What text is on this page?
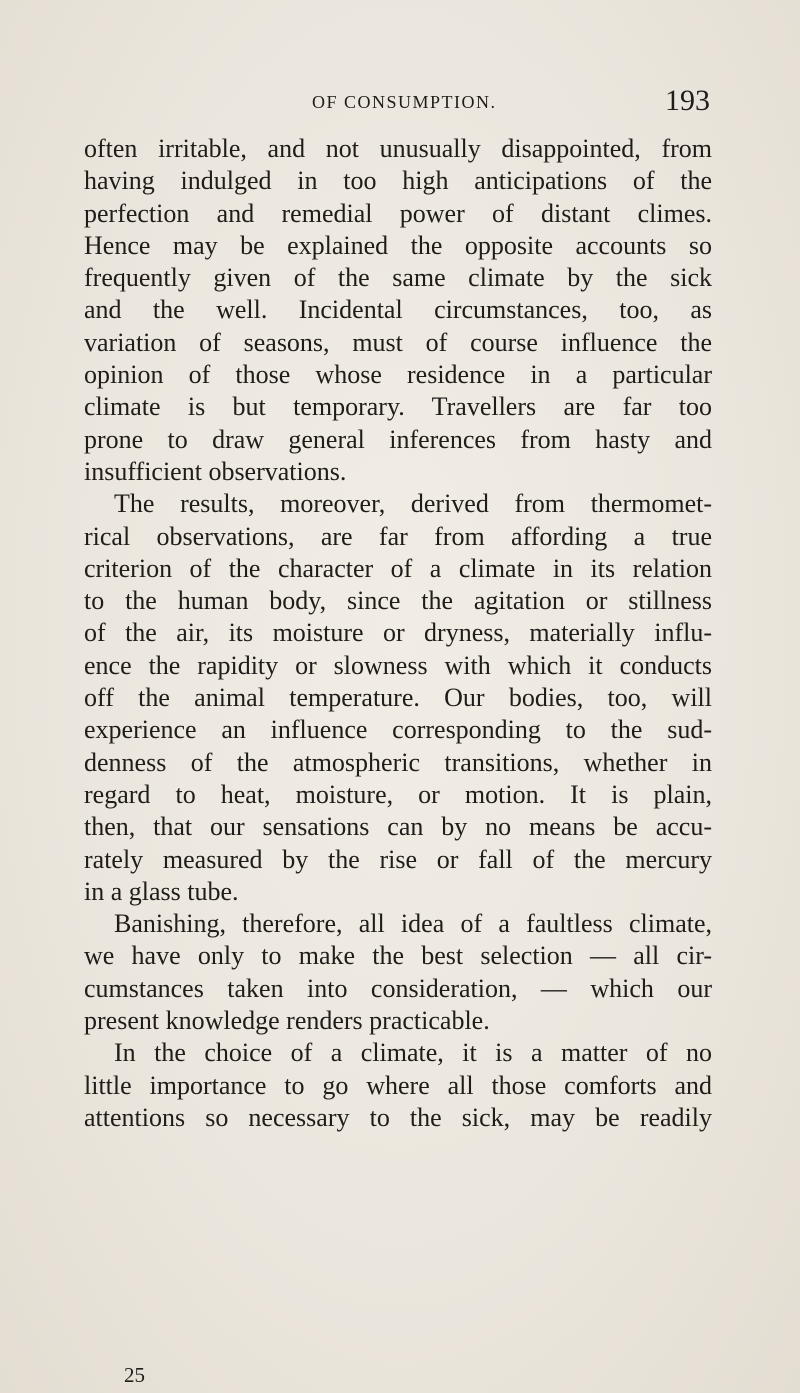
OF CONSUMPTION.	193
often irritable, and not unusually disappointed, from
having indulged in too high anticipations of the
perfection and remedial power of distant climes.
Hence may be explained the opposite accounts so
frequently given of the same climate by the sick
and the well. Incidental circumstances, too, as
variation of seasons, must of course influence the
opinion of those whose residence in a particular
climate is but temporary. Travellers are far too
prone to draw general inferences from hasty and
insufficient observations.
The results, moreover, derived from thermomet-
rical observations, are far from affording a true
criterion of the character of a climate in its relation
to the human body, since the agitation or stillness
of the air, its moisture or dryness, materially influ-
ence the rapidity or slowness with which it conducts
off the animal temperature. Our bodies, too, will
experience an influence corresponding to the sud-
denness of the atmospheric transitions, whether in
regard to heat, moisture, or motion. It is plain,
then, that our sensations can by no means be accu-
rately measured by the rise or fall of the mercury
in a glass tube.
Banishing, therefore, all idea of a faultless climate,
we have only to make the best selection — all cir-
cumstances taken into consideration, — which our
present knowledge renders practicable.
In the choice of a climate, it is a matter of no
little importance to go where all those comforts and
attentions so necessary to the sick, may be readily
25
